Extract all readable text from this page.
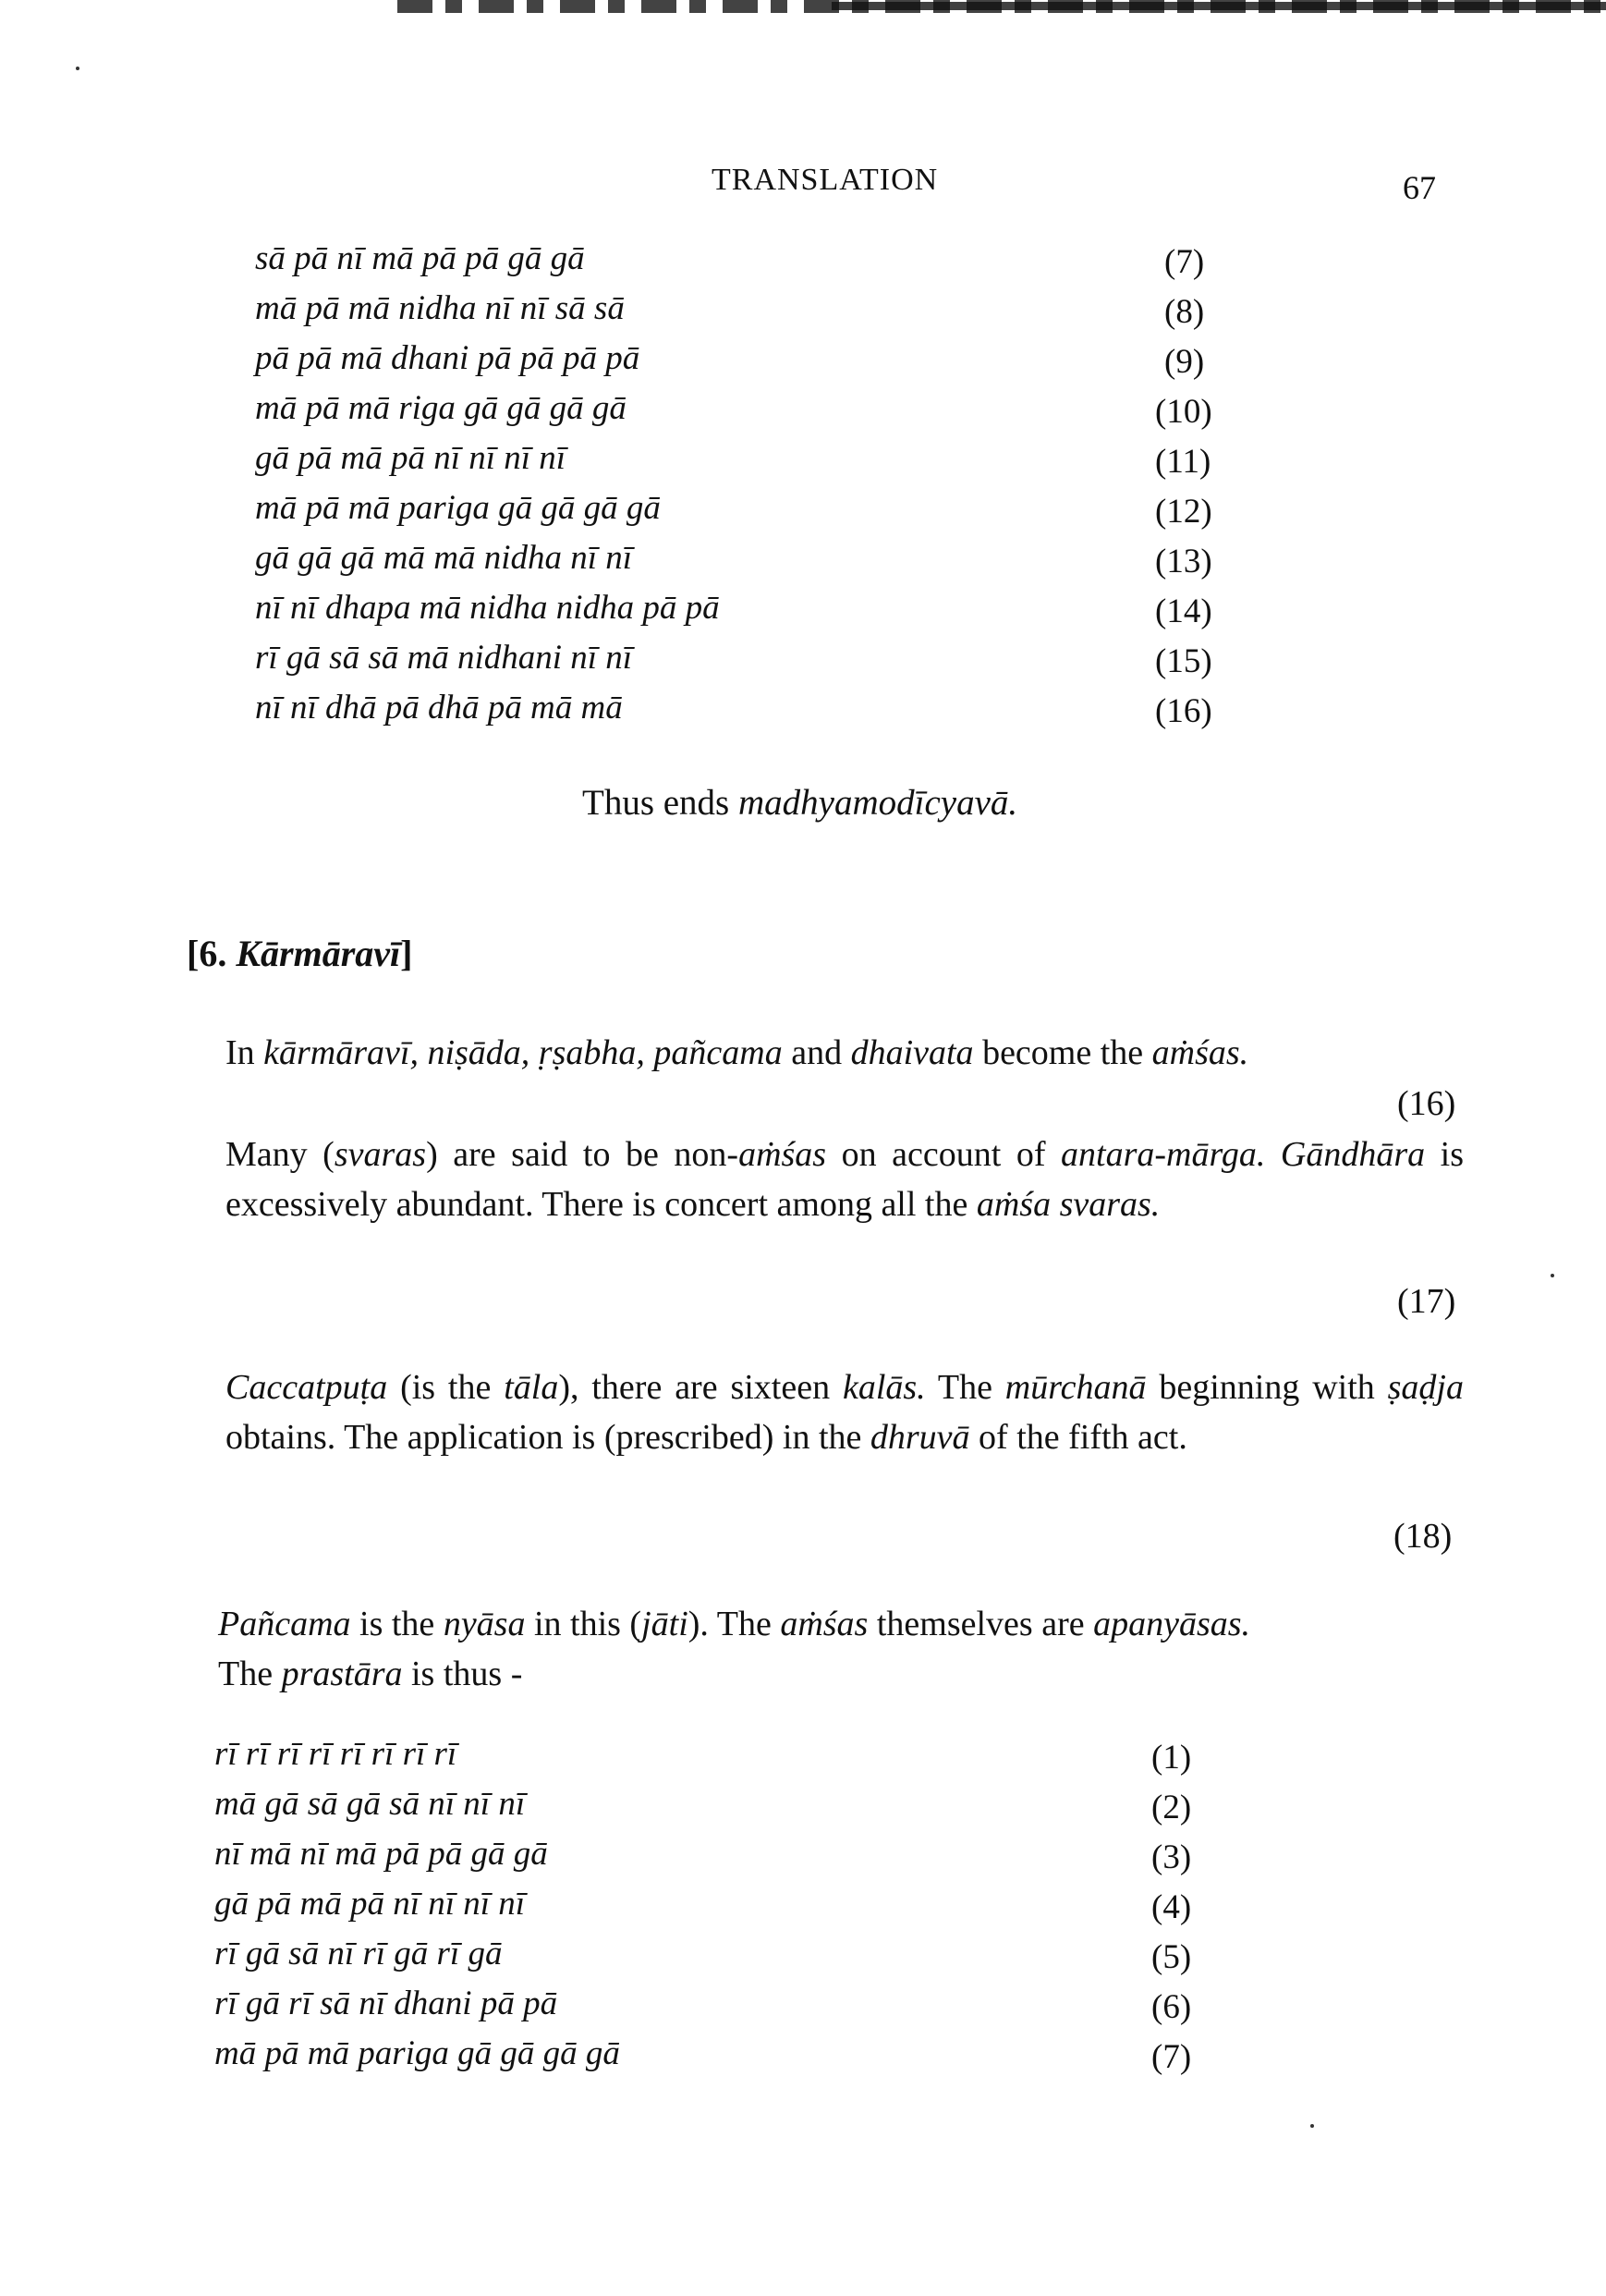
TRANSLATION	67
sā pā nī mā pā pā gā gā	(7)
mā pā mā nidha nī nī sā sā	(8)
pā pā mā dhani pā pā pā pā	(9)
mā pā mā riga gā gā gā gā	(10)
gā pā mā pā nī nī nī nī	(11)
mā pā mā pariga gā gā gā gā	(12)
gā gā gā mā mā nidha nī nī	(13)
nī nī dhapa mā nidha nidha pā pā	(14)
rī gā sā sā mā nidhani nī nī	(15)
nī nī dhā pā dhā pā mā mā	(16)
Thus ends madhyamodīcyavā.
[6. Kārmāravī]
In kārmāravī, niṣāda, ṛṣabha, pañcama and dhaivata become the aṁśas.
(16)
Many (svaras) are said to be non-aṁśas on account of antara-mārga. Gāndhāra is excessively abundant. There is concert among all the aṁśa svaras.
(17)
Caccatpuṭa (is the tāla), there are sixteen kalās. The mūrchanā beginning with ṣaḍja obtains. The application is (prescribed) in the dhruvā of the fifth act.
(18)
Pañcama is the nyāsa in this (jāti). The aṁśas themselves are apanyāsas.
The prastāra is thus -
rī rī rī rī rī rī rī rī	(1)
mā gā sā gā sā nī nī nī	(2)
nī mā nī mā pā pā gā gā	(3)
gā pā mā pā nī nī nī nī	(4)
rī gā sā nī rī gā rī gā	(5)
rī gā rī sā nī dhani pā pā	(6)
mā pā mā pariga gā gā gā gā	(7)
